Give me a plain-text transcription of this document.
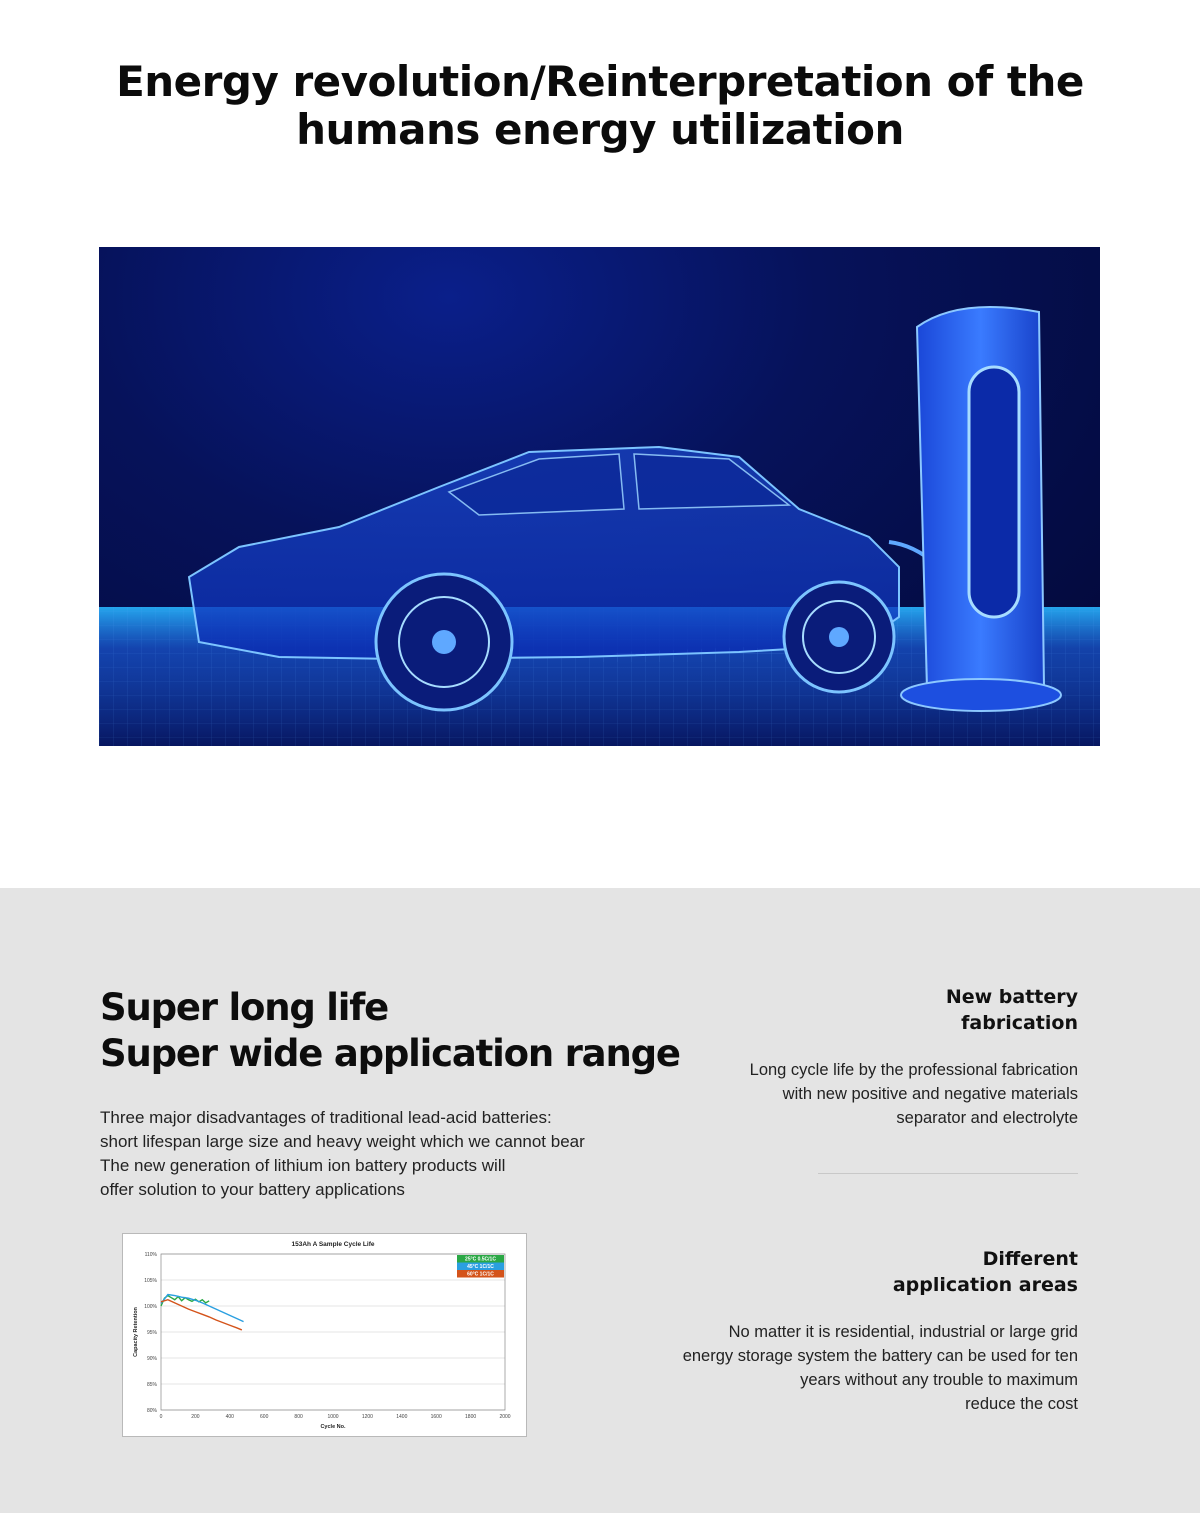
Energy revolution/Reinterpretation of the
humans energy utilization
Super long life
Super wide application range

Three major disadvantages of traditional lead-acid batteries:
short lifespan large size and heavy weight which we cannot bear
The new generation of lithium ion battery products will
offer solution to your battery applications

153Ah A Sample Cycle Life
80%
85%
90%
95%
100%
105%
110%
0	200	400	600	800	1000	1200	1400	1600	1800	2000
Cycle No.
Capacity Retention
25°C 0.5C/1C
45°C 1C/1C
60°C 1C/1C
New battery
fabrication
Long cycle life by the professional fabrication
with new positive and negative materials
separator and electrolyte
Different
application areas
No matter it is residential, industrial or large grid
energy storage system the battery can be used for ten
years without any trouble to maximum
reduce the cost
